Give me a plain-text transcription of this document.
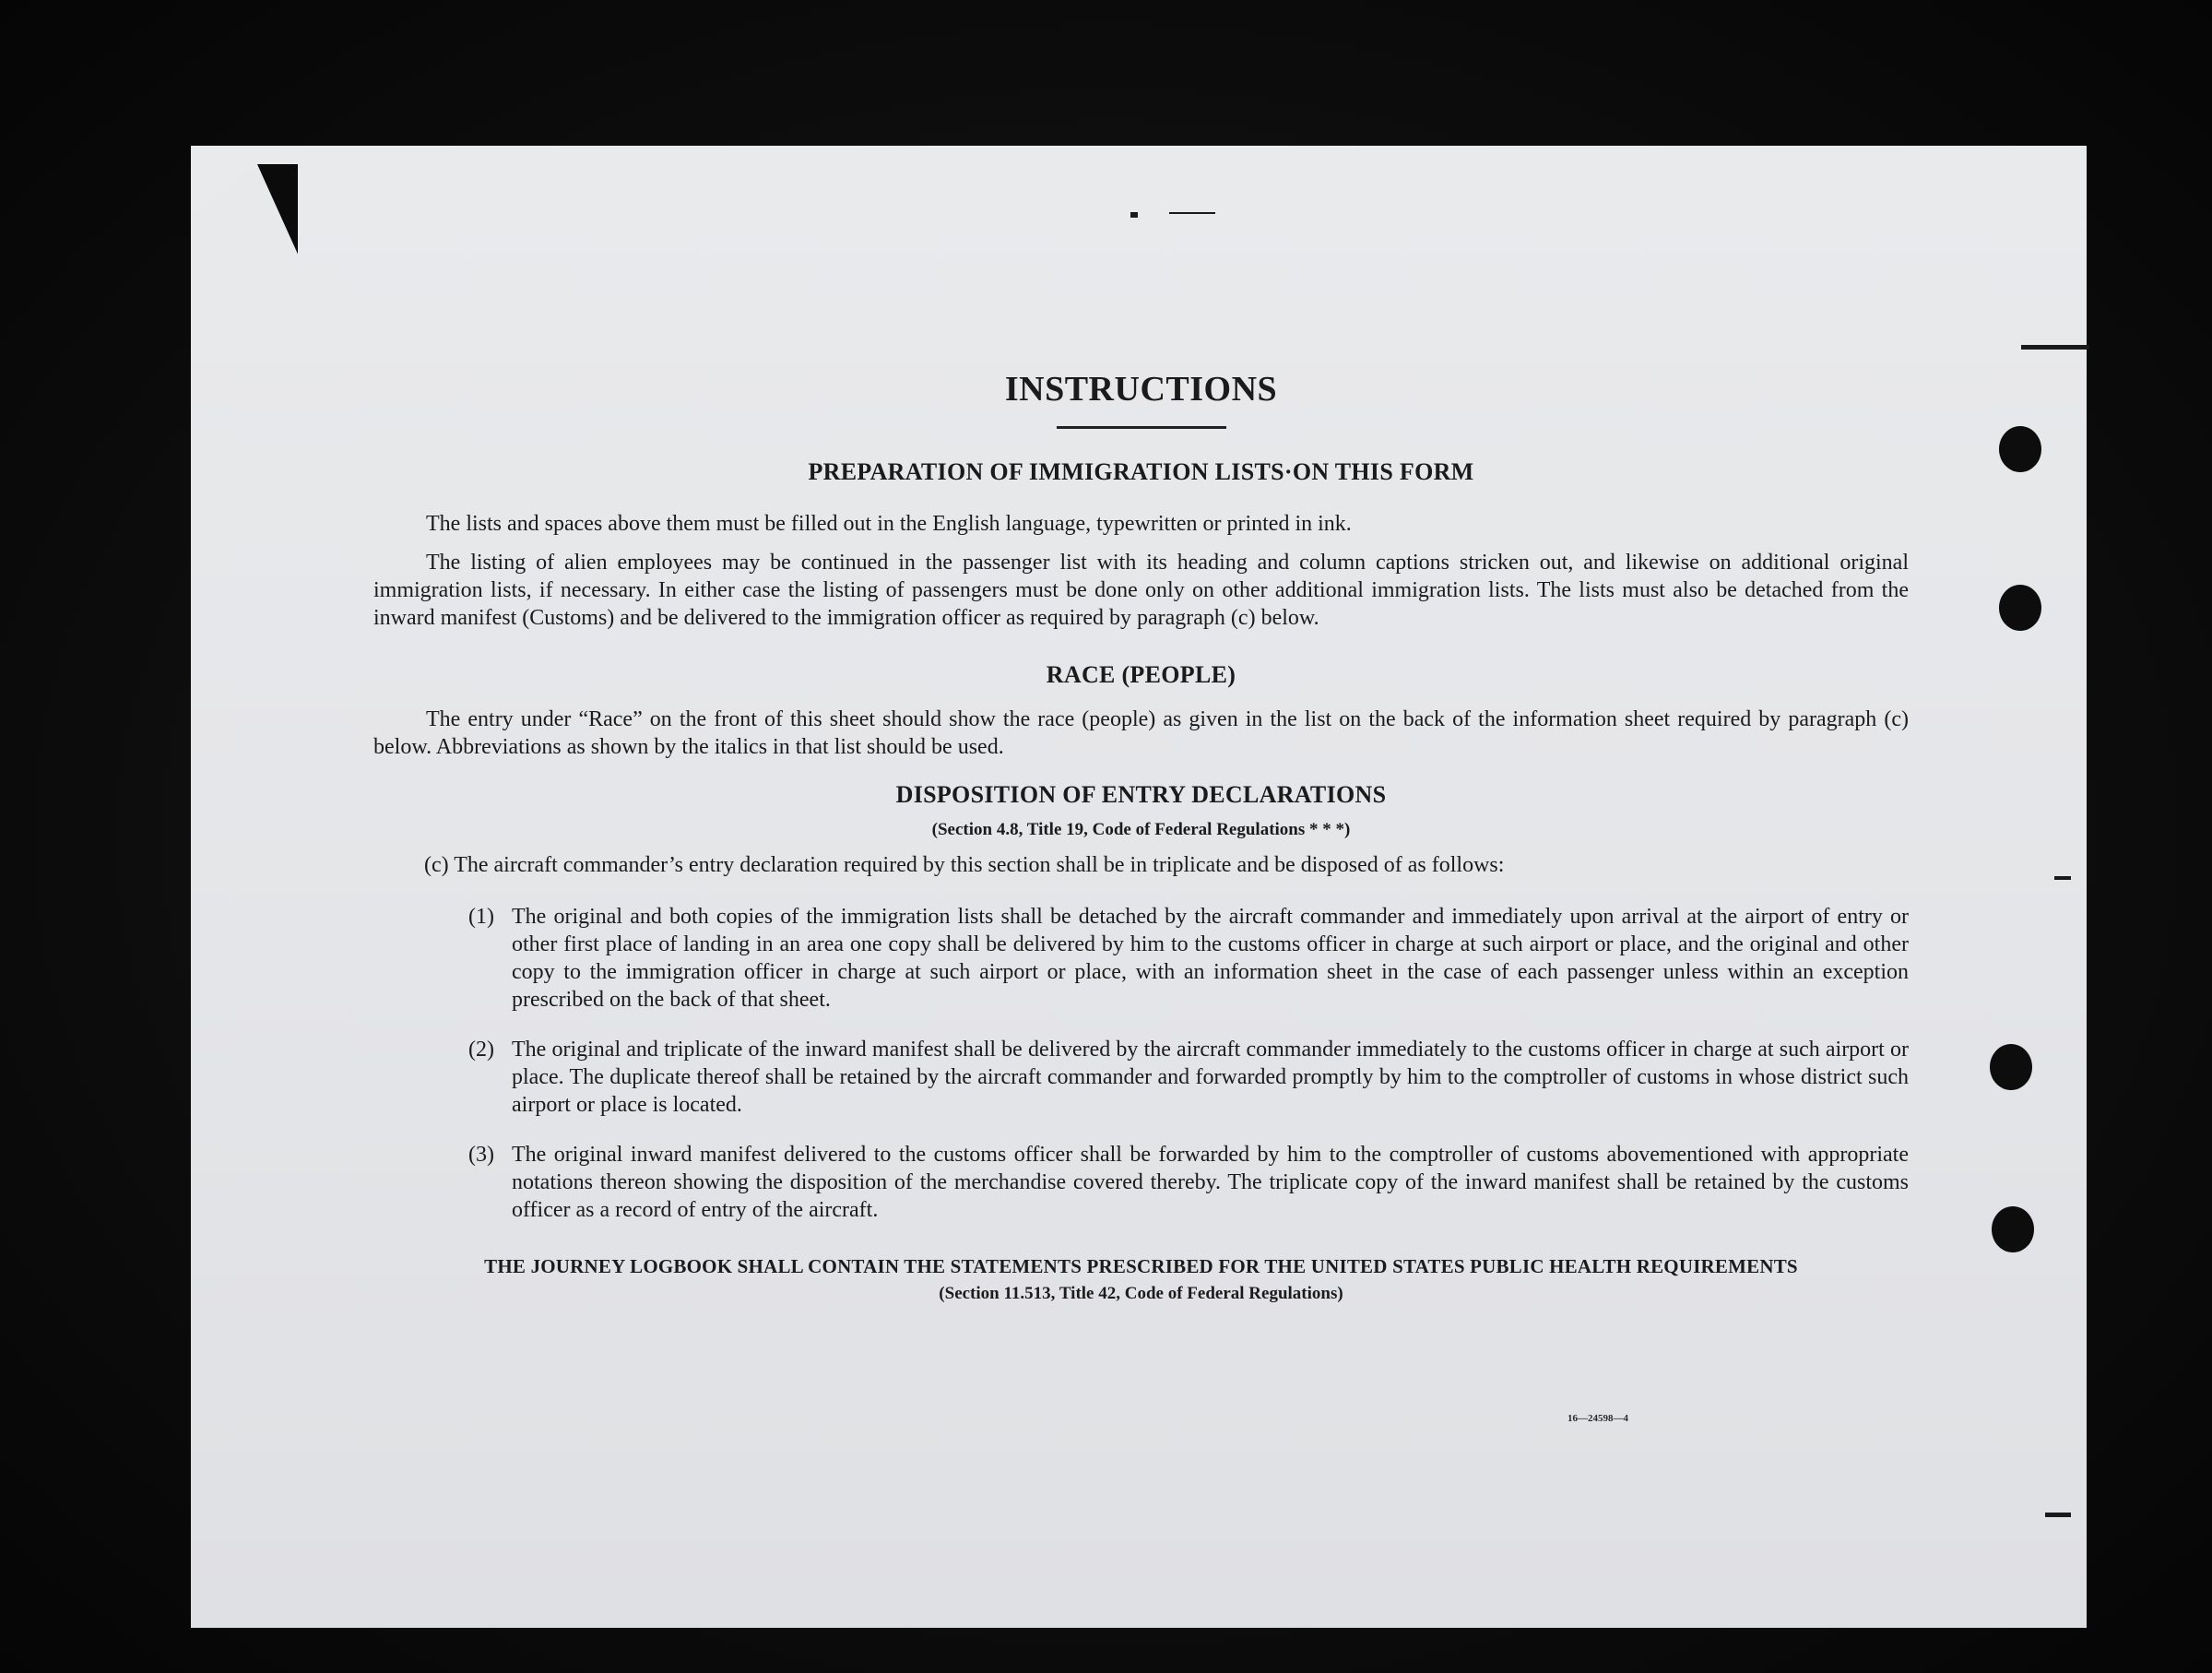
INSTRUCTIONS
PREPARATION OF IMMIGRATION LISTS·ON THIS FORM

The lists and spaces above them must be filled out in the English language, typewritten or printed in ink.

The listing of alien employees may be continued in the passenger list with its heading and column captions stricken out, and likewise on additional original immigration lists, if necessary. In either case the listing of passengers must be done only on other additional immigration lists. The lists must also be detached from the inward manifest (Customs) and be delivered to the immigration officer as required by paragraph (c) below.

RACE (PEOPLE)

The entry under “Race” on the front of this sheet should show the race (people) as given in the list on the back of the information sheet required by paragraph (c) below. Abbreviations as shown by the italics in that list should be used.

DISPOSITION OF ENTRY DECLARATIONS
(Section 4.8, Title 19, Code of Federal Regulations * * *)

(c) The aircraft commander’s entry declaration required by this section shall be in triplicate and be disposed of as follows:

(1) The original and both copies of the immigration lists shall be detached by the aircraft commander and immediately upon arrival at the airport of entry or other first place of landing in an area one copy shall be delivered by him to the customs officer in charge at such airport or place, and the original and other copy to the immigration officer in charge at such airport or place, with an information sheet in the case of each passenger unless within an exception prescribed on the back of that sheet.
(2) The original and triplicate of the inward manifest shall be delivered by the aircraft commander immediately to the customs officer in charge at such airport or place. The duplicate thereof shall be retained by the aircraft commander and forwarded promptly by him to the comptroller of customs in whose district such airport or place is located.
(3) The original inward manifest delivered to the customs officer shall be forwarded by him to the comptroller of customs abovementioned with appropriate notations thereon showing the disposition of the merchandise covered thereby. The triplicate copy of the inward manifest shall be retained by the customs officer as a record of entry of the aircraft.
THE JOURNEY LOGBOOK SHALL CONTAIN THE STATEMENTS PRESCRIBED FOR THE UNITED STATES PUBLIC HEALTH REQUIREMENTS
(Section 11.513, Title 42, Code of Federal Regulations)
16—24598—4
